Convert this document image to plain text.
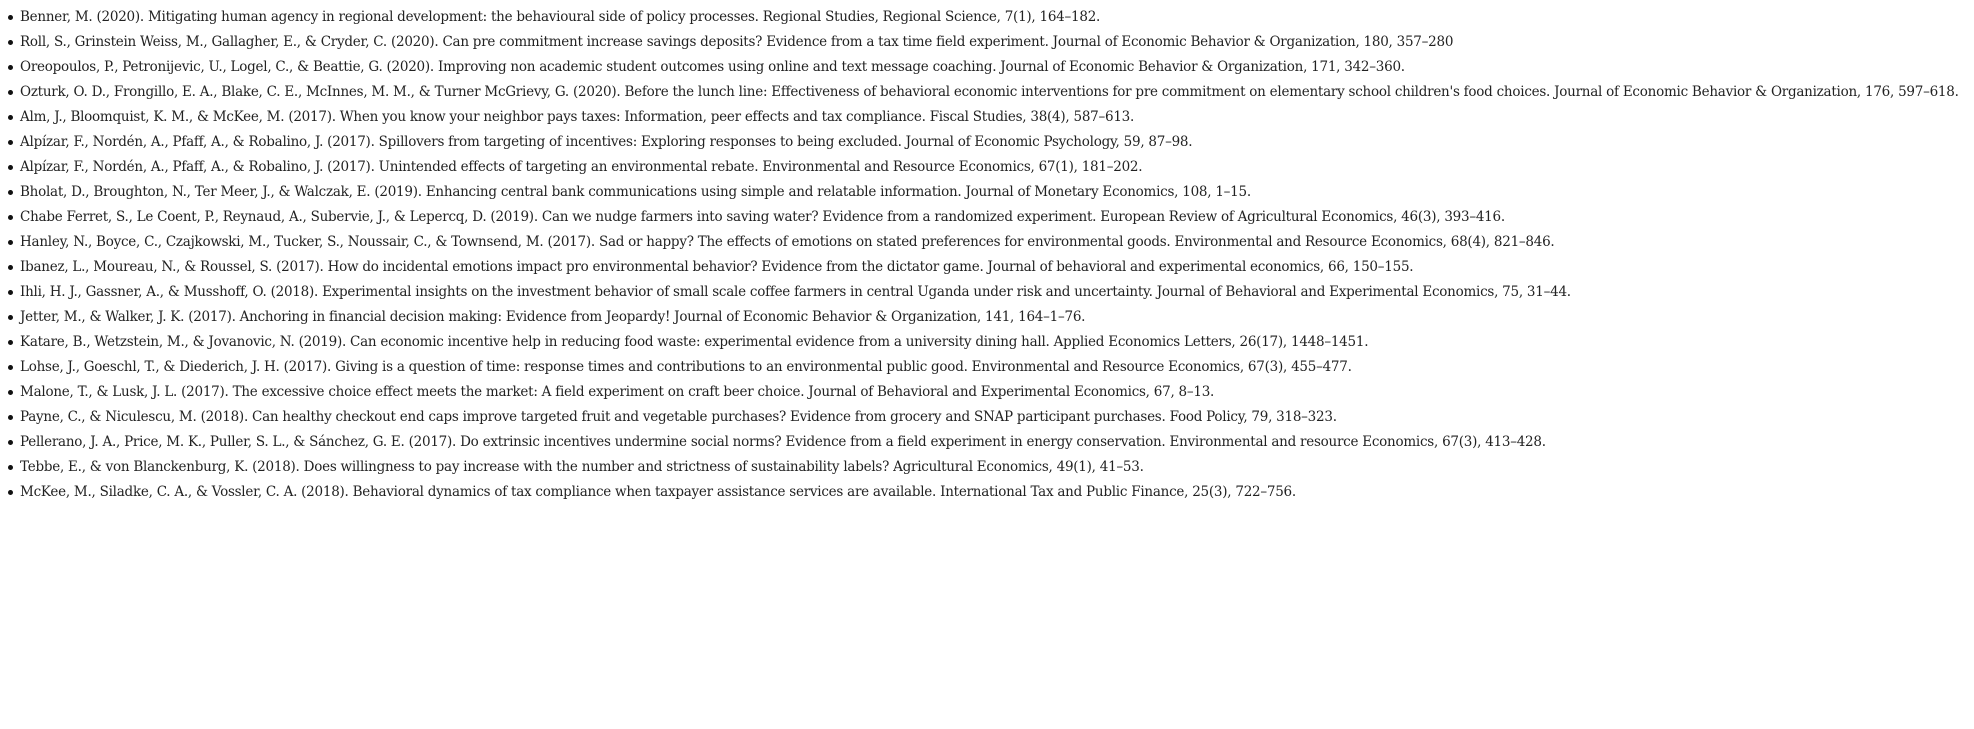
Benner, M. (2020). Mitigating human agency in regional development: the behavioural side of policy processes. Regional Studies, Regional Science, 7(1), 164–182.
Roll, S., Grinstein Weiss, M., Gallagher, E., & Cryder, C. (2020). Can pre commitment increase savings deposits? Evidence from a tax time field experiment. Journal of Economic Behavior & Organization, 180, 357–280
Oreopoulos, P., Petronijevic, U., Logel, C., & Beattie, G. (2020). Improving non academic student outcomes using online and text message coaching. Journal of Economic Behavior & Organization, 171, 342–360.
Ozturk, O. D., Frongillo, E. A., Blake, C. E., McInnes, M. M., & Turner McGrievy, G. (2020). Before the lunch line: Effectiveness of behavioral economic interventions for pre commitment on elementary school children's food choices. Journal of Economic Behavior & Organization, 176, 597–618.
Alm, J., Bloomquist, K. M., & McKee, M. (2017). When you know your neighbor pays taxes: Information, peer effects and tax compliance. Fiscal Studies, 38(4), 587–613.
Alpízar, F., Nordén, A., Pfaff, A., & Robalino, J. (2017). Spillovers from targeting of incentives: Exploring responses to being excluded. Journal of Economic Psychology, 59, 87–98.
Alpízar, F., Nordén, A., Pfaff, A., & Robalino, J. (2017). Unintended effects of targeting an environmental rebate. Environmental and Resource Economics, 67(1), 181–202.
Bholat, D., Broughton, N., Ter Meer, J., & Walczak, E. (2019). Enhancing central bank communications using simple and relatable information. Journal of Monetary Economics, 108, 1–15.
Chabe Ferret, S., Le Coent, P., Reynaud, A., Subervie, J., & Lepercq, D. (2019). Can we nudge farmers into saving water? Evidence from a randomized experiment. European Review of Agricultural Economics, 46(3), 393–416.
Hanley, N., Boyce, C., Czajkowski, M., Tucker, S., Noussair, C., & Townsend, M. (2017). Sad or happy? The effects of emotions on stated preferences for environmental goods. Environmental and Resource Economics, 68(4), 821–846.
Ibanez, L., Moureau, N., & Roussel, S. (2017). How do incidental emotions impact pro environmental behavior? Evidence from the dictator game. Journal of behavioral and experimental economics, 66, 150–155.
Ihli, H. J., Gassner, A., & Musshoff, O. (2018). Experimental insights on the investment behavior of small scale coffee farmers in central Uganda under risk and uncertainty. Journal of Behavioral and Experimental Economics, 75, 31–44.
Jetter, M., & Walker, J. K. (2017). Anchoring in financial decision making: Evidence from Jeopardy! Journal of Economic Behavior & Organization, 141, 164–1–76.
Katare, B., Wetzstein, M., & Jovanovic, N. (2019). Can economic incentive help in reducing food waste: experimental evidence from a university dining hall. Applied Economics Letters, 26(17), 1448–1451.
Lohse, J., Goeschl, T., & Diederich, J. H. (2017). Giving is a question of time: response times and contributions to an environmental public good. Environmental and Resource Economics, 67(3), 455–477.
Malone, T., & Lusk, J. L. (2017). The excessive choice effect meets the market: A field experiment on craft beer choice. Journal of Behavioral and Experimental Economics, 67, 8–13.
Payne, C., & Niculescu, M. (2018). Can healthy checkout end caps improve targeted fruit and vegetable purchases? Evidence from grocery and SNAP participant purchases. Food Policy, 79, 318–323.
Pellerano, J. A., Price, M. K., Puller, S. L., & Sánchez, G. E. (2017). Do extrinsic incentives undermine social norms? Evidence from a field experiment in energy conservation. Environmental and resource Economics, 67(3), 413–428.
Tebbe, E., & von Blanckenburg, K. (2018). Does willingness to pay increase with the number and strictness of sustainability labels? Agricultural Economics, 49(1), 41–53.
McKee, M., Siladke, C. A., & Vossler, C. A. (2018). Behavioral dynamics of tax compliance when taxpayer assistance services are available. International Tax and Public Finance, 25(3), 722–756.
